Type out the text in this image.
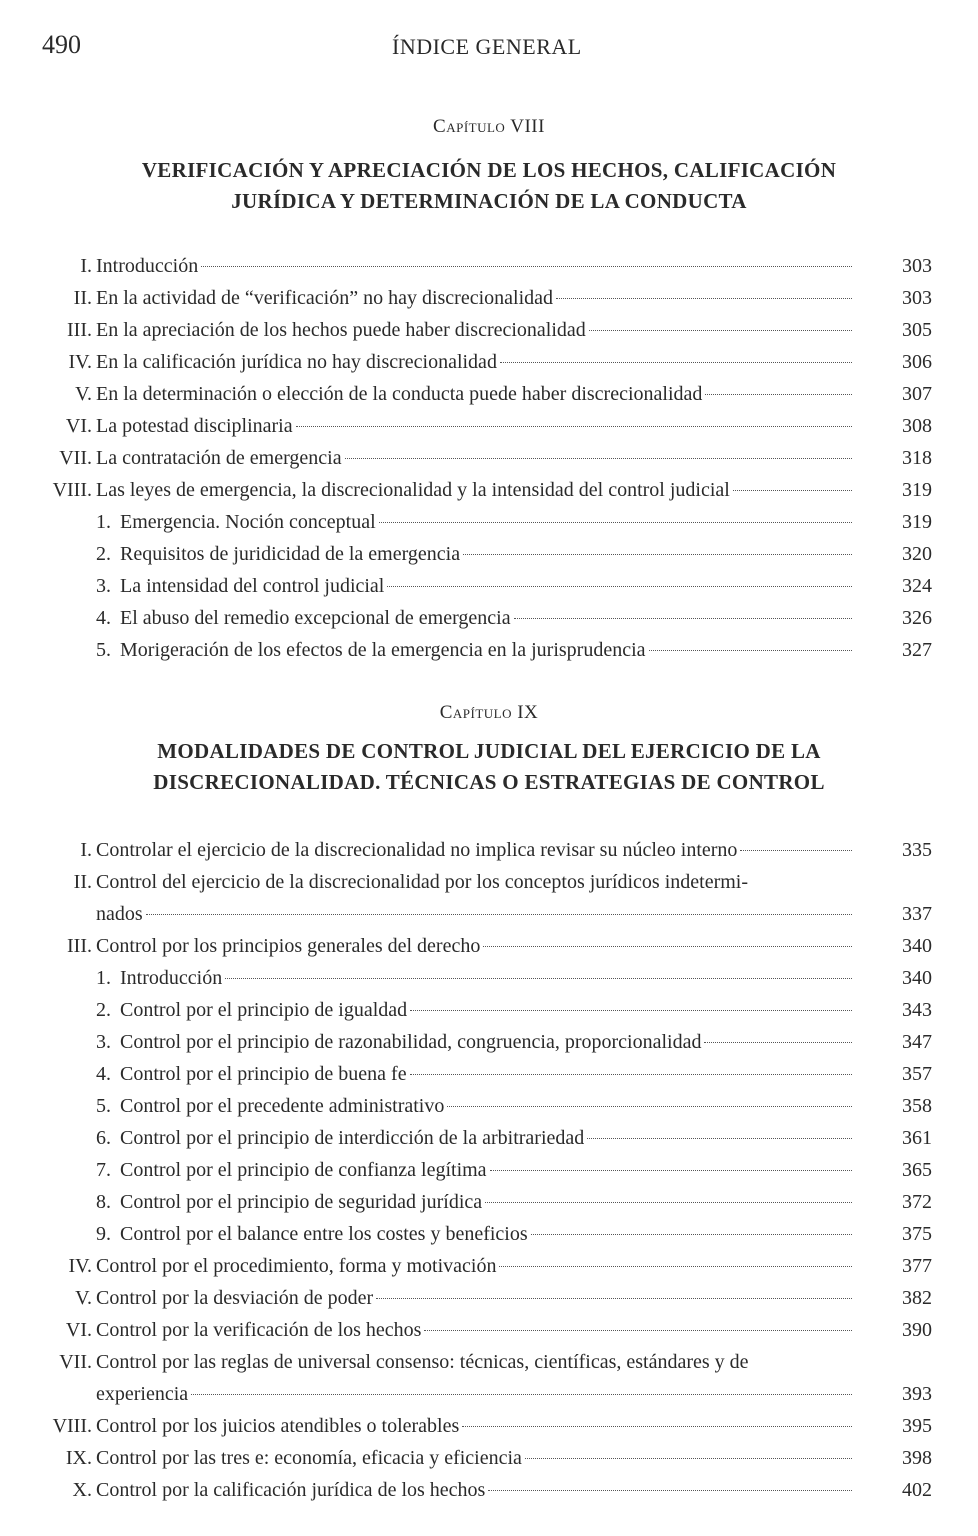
490	ÍNDICE GENERAL
Capítulo VIII
VERIFICACIÓN Y APRECIACIÓN DE LOS HECHOS, CALIFICACIÓN
JURÍDICA Y DETERMINACIÓN DE LA CONDUCTA
I. Introducción	303
II. En la actividad de “verificación” no hay discrecionalidad	303
III. En la apreciación de los hechos puede haber discrecionalidad	305
IV. En la calificación jurídica no hay discrecionalidad	306
V. En la determinación o elección de la conducta puede haber discrecionalidad	307
VI. La potestad disciplinaria	308
VII. La contratación de emergencia	318
VIII. Las leyes de emergencia, la discrecionalidad y la intensidad del control judicial	319
1. Emergencia. Noción conceptual	319
2. Requisitos de juridicidad de la emergencia	320
3. La intensidad del control judicial	324
4. El abuso del remedio excepcional de emergencia	326
5. Morigeración de los efectos de la emergencia en la jurisprudencia	327
Capítulo IX
MODALIDADES DE CONTROL JUDICIAL DEL EJERCICIO DE LA
DISCRECIONALIDAD. TÉCNICAS O ESTRATEGIAS DE CONTROL
I. Controlar el ejercicio de la discrecionalidad no implica revisar su núcleo interno	335
II. Control del ejercicio de la discrecionalidad por los conceptos jurídicos indetermi-
nados	337
III. Control por los principios generales del derecho	340
1. Introducción	340
2. Control por el principio de igualdad	343
3. Control por el principio de razonabilidad, congruencia, proporcionalidad	347
4. Control por el principio de buena fe	357
5. Control por el precedente administrativo	358
6. Control por el principio de interdicción de la arbitrariedad	361
7. Control por el principio de confianza legítima	365
8. Control por el principio de seguridad jurídica	372
9. Control por el balance entre los costes y beneficios	375
IV. Control por el procedimiento, forma y motivación	377
V. Control por la desviación de poder	382
VI. Control por la verificación de los hechos	390
VII. Control por las reglas de universal consenso: técnicas, científicas, estándares y de
experiencia	393
VIII. Control por los juicios atendibles o tolerables	395
IX. Control por las tres e: economía, eficacia y eficiencia	398
X. Control por la calificación jurídica de los hechos	402
